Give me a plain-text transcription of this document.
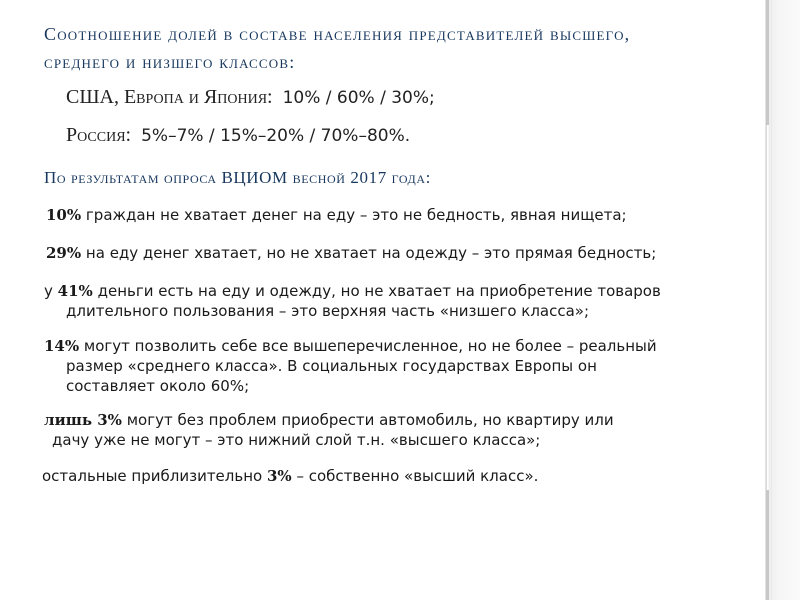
Соотношение долей в составе населения представителей высшего,
среднего и низшего классов:
США, Европа и Япония: 10% / 60% / 30%;
Россия: 5%–7% / 15%–20% / 70%–80%.
По результатам опроса ВЦИОМ весной 2017 года:
10% граждан не хватает денег на еду – это не бедность, явная нищета;
29% на еду денег хватает, но не хватает на одежду – это прямая бедность;
у 41% деньги есть на еду и одежду, но не хватает на приобретение товаров
длительного пользования – это верхняя часть «низшего класса»;
14% могут позволить себе все вышеперечисленное, но не более – реальный
размер «среднего класса». В социальных государствах Европы он
составляет около 60%;
лишь 3% могут без проблем приобрести автомобиль, но квартиру или
дачу уже не могут – это нижний слой т.н. «высшего класса»;
остальные приблизительно 3% – собственно «высший класс».
